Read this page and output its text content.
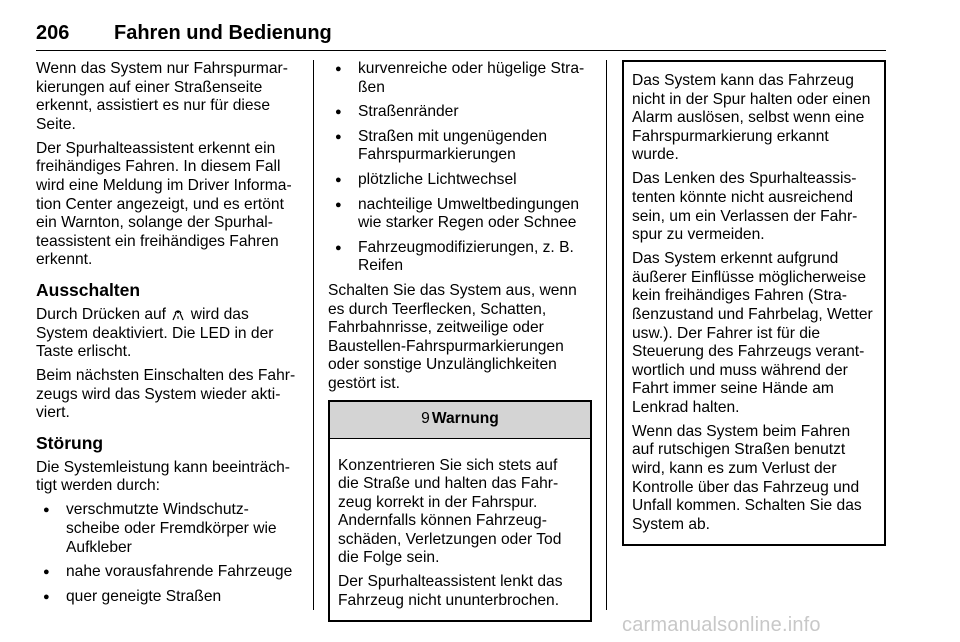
206 Fahren und Bedienung

Wenn das System nur Fahrspurmar-kierungen auf einer Straßenseite erkennt, assistiert es nur für diese Seite.

Der Spurhalteassistent erkennt ein freihändiges Fahren. In diesem Fall wird eine Meldung im Driver Informa-tion Center angezeigt, und es ertönt ein Warnton, solange der Spurhal-teassistent ein freihändiges Fahren erkennt.

Ausschalten

Durch Drücken auf wird das System deaktiviert. Die LED in der Taste erlischt.

Beim nächsten Einschalten des Fahr-zeugs wird das System wieder akti-viert.

Störung

Die Systemleistung kann beeinträch-tigt werden durch:

● verschmutzte Windschutz-scheibe oder Fremdkörper wie Aufkleber
● nahe vorausfahrende Fahrzeuge
● quer geneigte Straßen
● kurvenreiche oder hügelige Stra-ßen
● Straßenränder
● Straßen mit ungenügenden Fahrspurmarkierungen
● plötzliche Lichtwechsel
● nachteilige Umweltbedingungen wie starker Regen oder Schnee
● Fahrzeugmodifizierungen, z. B. Reifen

Schalten Sie das System aus, wenn es durch Teerflecken, Schatten, Fahrbahnrisse, zeitweilige oder Baustellen-Fahrspurmarkierungen oder sonstige Unzulänglichkeiten gestört ist.

9 Warnung

Konzentrieren Sie sich stets auf die Straße und halten das Fahr-zeug korrekt in der Fahrspur. Andernfalls können Fahrzeug-schäden, Verletzungen oder Tod die Folge sein.

Der Spurhalteassistent lenkt das Fahrzeug nicht ununterbrochen.

Das System kann das Fahrzeug nicht in der Spur halten oder einen Alarm auslösen, selbst wenn eine Fahrspurmarkierung erkannt wurde.

Das Lenken des Spurhalteassis-tenten könnte nicht ausreichend sein, um ein Verlassen der Fahr-spur zu vermeiden.

Das System erkennt aufgrund äußerer Einflüsse möglicherweise kein freihändiges Fahren (Stra-ßenzustand und Fahrbelag, Wetter usw.). Der Fahrer ist für die Steuerung des Fahrzeugs verant-wortlich und muss während der Fahrt immer seine Hände am Lenkrad halten.

Wenn das System beim Fahren auf rutschigen Straßen benutzt wird, kann es zum Verlust der Kontrolle über das Fahrzeug und Unfall kommen. Schalten Sie das System ab.

carmanualsonline.info
